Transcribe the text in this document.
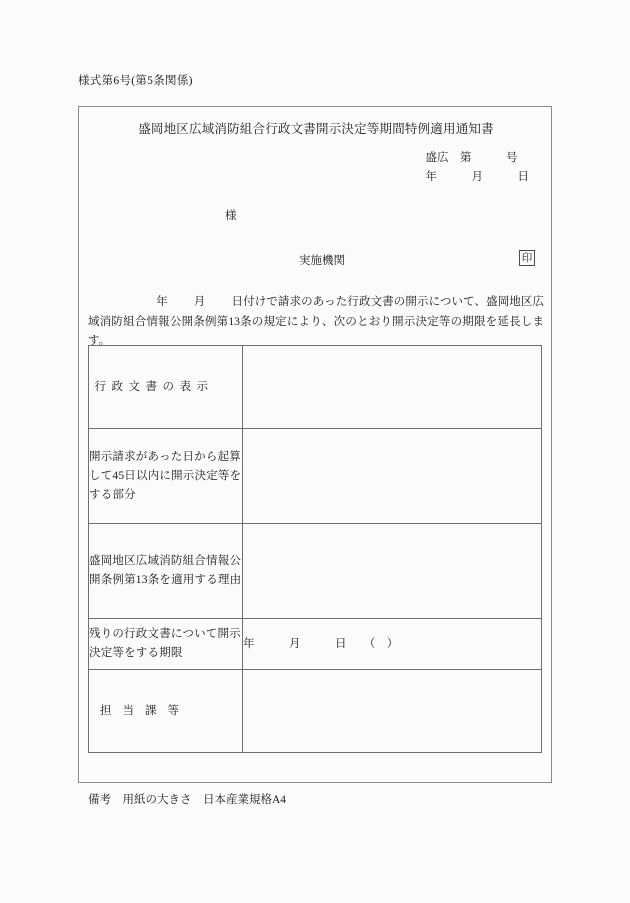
様式第6号(第5条関係)
盛岡地区広域消防組合行政文書開示決定等期間特例適用通知書
盛広　第　　　号
年　　　月　　　日
様
実施機関	印
年 月 日付けで請求のあった行政文書の開示について、盛岡地区広域消防組合情報公開条例第13条の規定により、次のとおり開示決定等の期限を延長します。
行政文書の表示	
開示請求があった日から起算して45日以内に開示決定等をする部分	
盛岡地区広域消防組合情報公開条例第13条を適用する理由	
残りの行政文書について開示決定等をする期限	年　　　月　　　日　　（　）
担当課等	
備考　用紙の大きさ　日本産業規格A4
